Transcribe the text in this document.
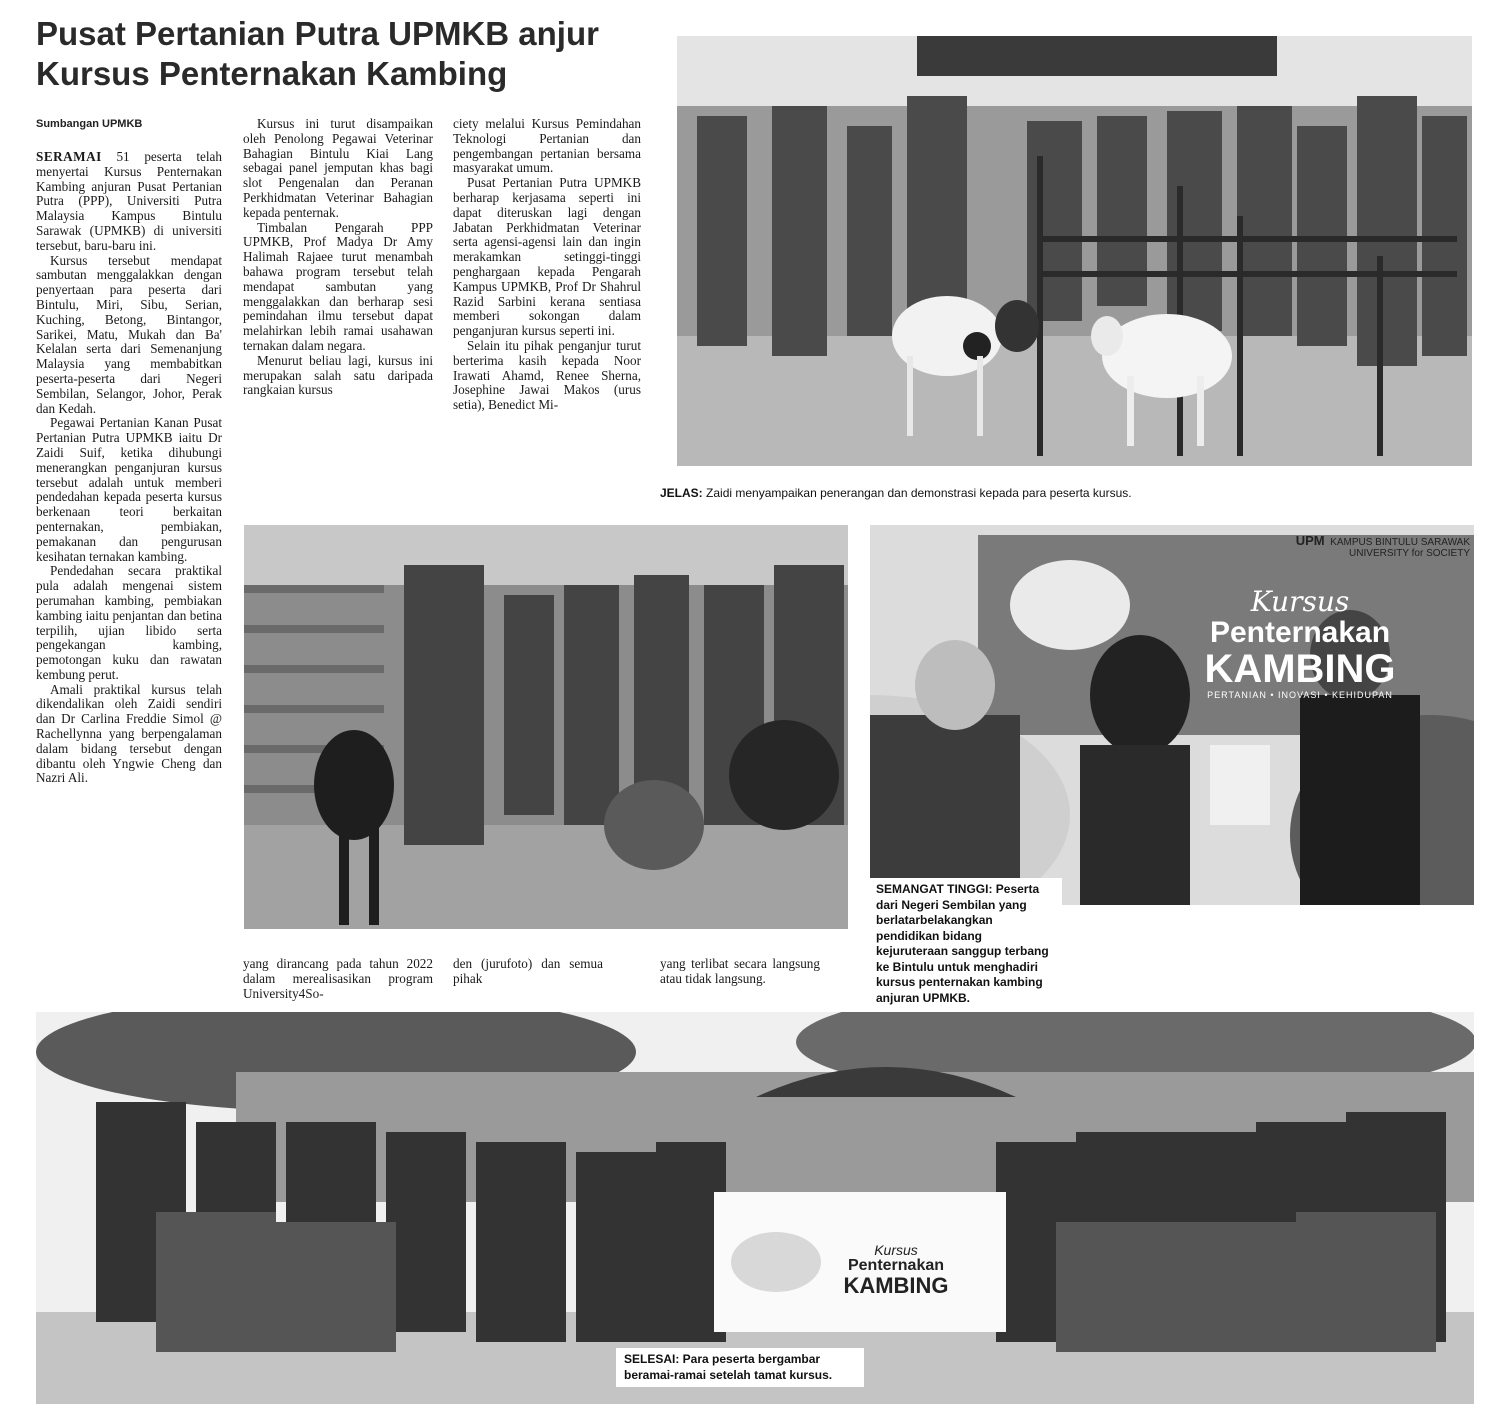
Pusat Pertanian Putra UPMKB anjur
Kursus Penternakan Kambing
Sumbangan UPMKB

SERAMAI 51 peserta telah menyertai Kursus Penternakan Kambing anjuran Pusat Pertanian Putra (PPP), Universiti Putra Malaysia Kampus Bintulu Sarawak (UPMKB) di universiti tersebut, baru-baru ini.

Kursus tersebut mendapat sambutan menggalakkan dengan penyertaan para peserta dari Bintulu, Miri, Sibu, Serian, Kuching, Betong, Bintangor, Sarikei, Matu, Mukah dan Ba' Kelalan serta dari Semenanjung Malaysia yang membabitkan peserta-peserta dari Negeri Sembilan, Selangor, Johor, Perak dan Kedah.

Pegawai Pertanian Kanan Pusat Pertanian Putra UPMKB iaitu Dr Zaidi Suif, ketika dihubungi menerangkan penganjuran kursus tersebut adalah untuk memberi pendedahan kepada peserta kursus berkenaan teori berkaitan penternakan, pembiakan, pemakanan dan pengurusan kesihatan ternakan kambing.

Pendedahan secara praktikal pula adalah mengenai sistem perumahan kambing, pembiakan kambing iaitu penjantan dan betina terpilih, ujian libido serta pengekangan kambing, pemotongan kuku dan rawatan kembung perut.

Amali praktikal kursus telah dikendalikan oleh Zaidi sendiri dan Dr Carlina Freddie Simol @ Rachellynna yang berpengalaman dalam bidang tersebut dengan dibantu oleh Yngwie Cheng dan Nazri Ali.

Kursus ini turut disampaikan oleh Penolong Pegawai Veterinar Bahagian Bintulu Kiai Lang sebagai panel jemputan khas bagi slot Pengenalan dan Peranan Perkhidmatan Veterinar Bahagian kepada penternak.

Timbalan Pengarah PPP UPMKB, Prof Madya Dr Amy Halimah Rajaee turut menambah bahawa program tersebut telah mendapat sambutan yang menggalakkan dan berharap sesi pemindahan ilmu tersebut dapat melahirkan lebih ramai usahawan ternakan dalam negara.

Menurut beliau lagi, kursus ini merupakan salah satu daripada rangkaian kursus

yang dirancang pada tahun 2022 dalam merealisasikan program University4So-

ciety melalui Kursus Pemindahan Teknologi Pertanian dan pengembangan pertanian bersama masyarakat umum.

Pusat Pertanian Putra UPMKB berharap kerjasama seperti ini dapat diteruskan lagi dengan Jabatan Perkhidmatan Veterinar serta agensi-agensi lain dan ingin merakamkan setinggi-tinggi penghargaan kepada Pengarah Kampus UPMKB, Prof Dr Shahrul Razid Sarbini kerana sentiasa memberi sokongan dalam penganjuran kursus seperti ini.

Selain itu pihak penganjur turut berterima kasih kepada Noor Irawati Ahamd, Renee Sherna, Josephine Jawai Makos (urus setia), Benedict Mi-

den (jurufoto) dan semua pihak

yang terlibat secara langsung atau tidak langsung.

JELAS: Zaidi menyampaikan penerangan dan demonstrasi kepada para peserta kursus.
UPM KAMPUS BINTULU SARAWAK
UNIVERSITY for SOCIETY
Kursus
Penternakan
KAMBING
PERTANIAN • INOVASI • KEHIDUPAN
SEMANGAT TINGGI: Peserta dari Negeri Sembilan yang berlatarbelakangkan pendidikan bidang kejuruteraan sanggup terbang ke Bintulu untuk menghadiri kursus penternakan kambing anjuran UPMKB.
Kursus
Penternakan
KAMBING
SELESAI: Para peserta bergambar beramai-ramai setelah tamat kursus.
